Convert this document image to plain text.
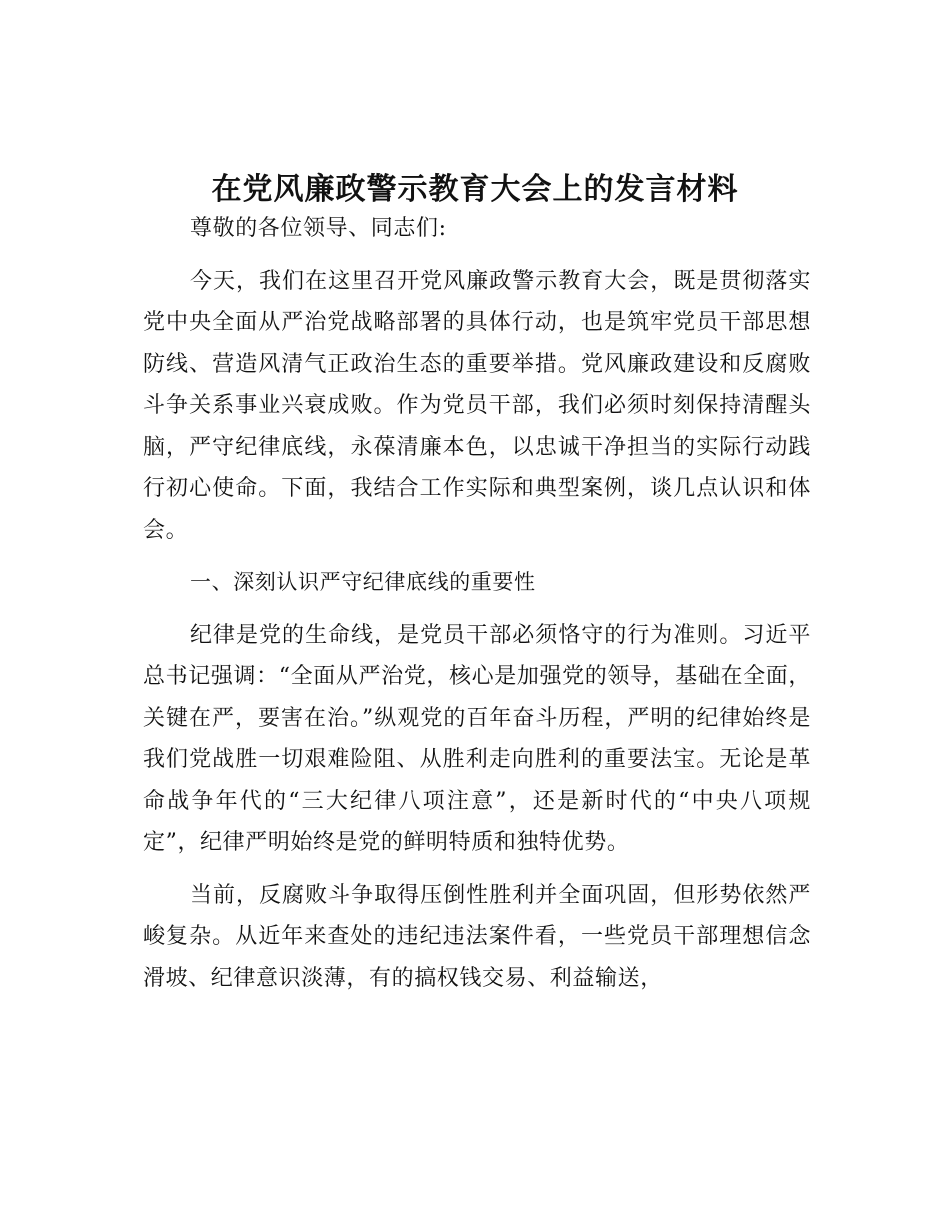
在党风廉政警示教育大会上的发言材料

尊敬的各位领导、同志们:

今天，我们在这里召开党风廉政警示教育大会，既是贯彻落实党中央全面从严治党战略部署的具体行动，也是筑牢党员干部思想防线、营造风清气正政治生态的重要举措。党风廉政建设和反腐败斗争关系事业兴衰成败。作为党员干部，我们必须时刻保持清醒头脑，严守纪律底线，永葆清廉本色，以忠诚干净担当的实际行动践行初心使命。下面，我结合工作实际和典型案例，谈几点认识和体会。

一、深刻认识严守纪律底线的重要性

纪律是党的生命线，是党员干部必须恪守的行为准则。习近平总书记强调：“全面从严治党，核心是加强党的领导，基础在全面，关键在严，要害在治。”纵观党的百年奋斗历程，严明的纪律始终是我们党战胜一切艰难险阻、从胜利走向胜利的重要法宝。无论是革命战争年代的“三大纪律八项注意”，还是新时代的“中央八项规定”，纪律严明始终是党的鲜明特质和独特优势。

当前，反腐败斗争取得压倒性胜利并全面巩固，但形势依然严峻复杂。从近年来查处的违纪违法案件看，一些党员干部理想信念滑坡、纪律意识淡薄，有的搞权钱交易、利益输送，
